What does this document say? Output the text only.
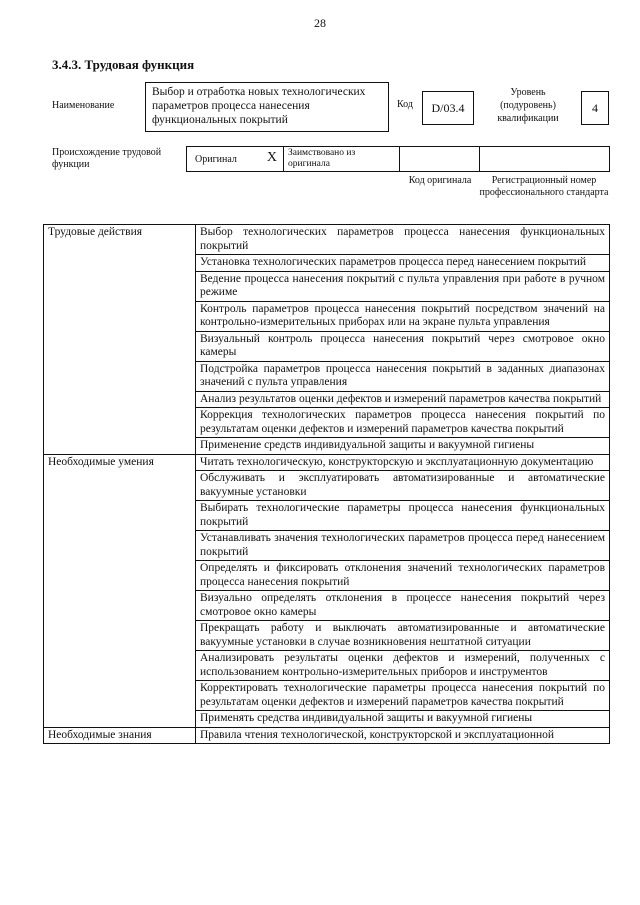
28
3.4.3. Трудовая функция
Наименование
Выбор и отработка новых технологических параметров процесса нанесения функциональных покрытий
Код	D/03.4
Уровень (подуровень) квалификации
4
Происхождение трудовой функции	Оригинал X	Заимствовано из оригинала
Код оригинала	Регистрационный номер профессионального стандарта
Трудовые действия	Выбор технологических параметров процесса нанесения функциональных покрытий
	Установка технологических параметров процесса перед нанесением покрытий
	Ведение процесса нанесения покрытий с пульта управления при работе в ручном режиме
	Контроль параметров процесса нанесения покрытий посредством значений на контрольно-измерительных приборах или на экране пульта управления
	Визуальный контроль процесса нанесения покрытий через смотровое окно камеры
	Подстройка параметров процесса нанесения покрытий в заданных диапазонах значений с пульта управления
	Анализ результатов оценки дефектов и измерений параметров качества покрытий
	Коррекция технологических параметров процесса нанесения покрытий по результатам оценки дефектов и измерений параметров качества покрытий
	Применение средств индивидуальной защиты и вакуумной гигиены
Необходимые умения	Читать технологическую, конструкторскую и эксплуатационную документацию
	Обслуживать и эксплуатировать автоматизированные и автоматические вакуумные установки
	Выбирать технологические параметры процесса нанесения функциональных покрытий
	Устанавливать значения технологических параметров процесса перед нанесением покрытий
	Определять и фиксировать отклонения значений технологических параметров процесса нанесения покрытий
	Визуально определять отклонения в процессе нанесения покрытий через смотровое окно камеры
	Прекращать работу и выключать автоматизированные и автоматические вакуумные установки в случае возникновения нештатной ситуации
	Анализировать результаты оценки дефектов и измерений, полученных с использованием контрольно-измерительных приборов и инструментов
	Корректировать технологические параметры процесса нанесения покрытий по результатам оценки дефектов и измерений параметров качества покрытий
	Применять средства индивидуальной защиты и вакуумной гигиены
Необходимые знания	Правила чтения технологической, конструкторской и эксплуатационной
